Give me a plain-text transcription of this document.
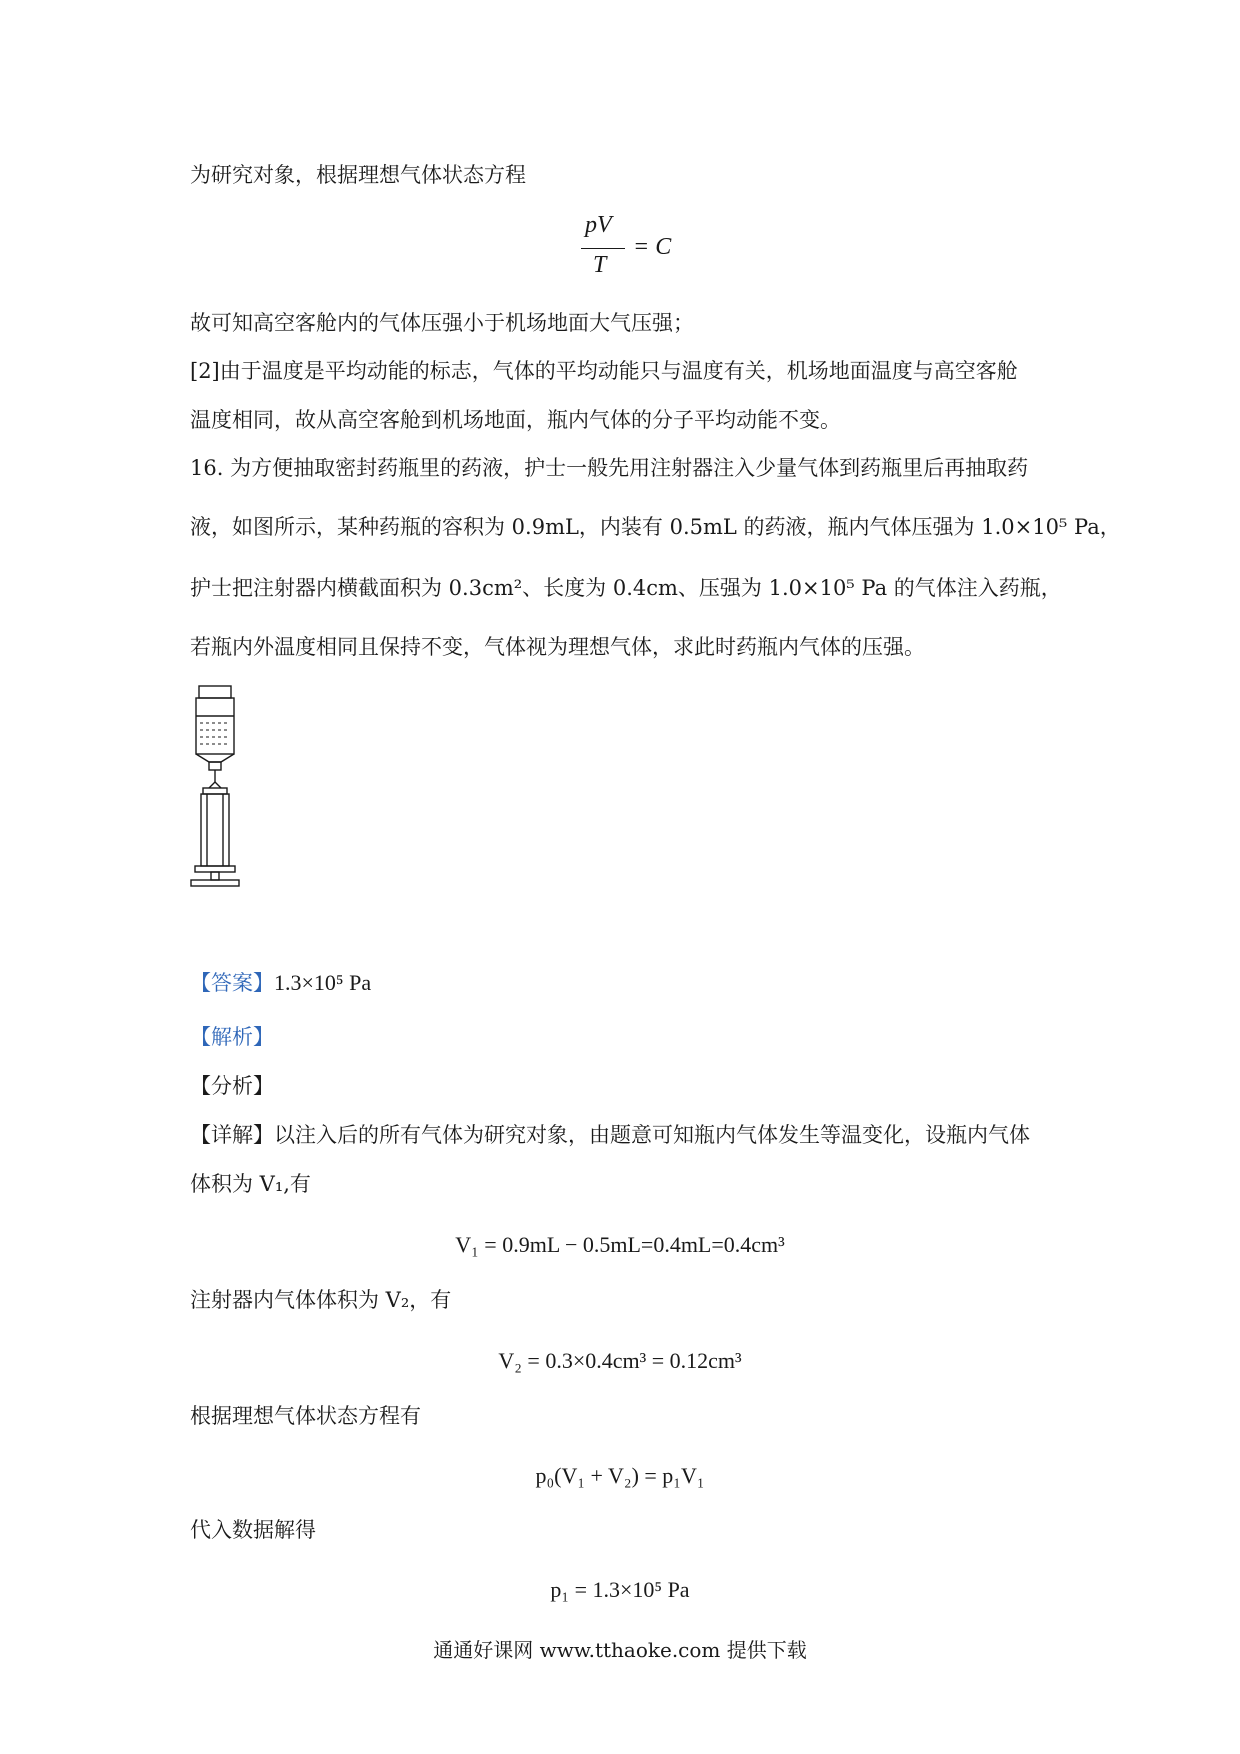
为研究对象，根据理想气体状态方程
pV
T
= C
故可知高空客舱内的气体压强小于机场地面大气压强；
[2]由于温度是平均动能的标志，气体的平均动能只与温度有关，机场地面温度与高空客舱
温度相同，故从高空客舱到机场地面，瓶内气体的分子平均动能不变。
16. 为方便抽取密封药瓶里的药液，护士一般先用注射器注入少量气体到药瓶里后再抽取药
液，如图所示，某种药瓶的容积为 0.9mL，内装有 0.5mL 的药液，瓶内气体压强为 1.0×10⁵ Pa，
护士把注射器内横截面积为 0.3cm²、长度为 0.4cm、压强为 1.0×10⁵ Pa 的气体注入药瓶，
若瓶内外温度相同且保持不变，气体视为理想气体，求此时药瓶内气体的压强。
【答案】1.3×10⁵ Pa
【解析】
【分析】
【详解】以注入后的所有气体为研究对象，由题意可知瓶内气体发生等温变化，设瓶内气体
体积为 V₁,有
V₁ = 0.9mL − 0.5mL=0.4mL=0.4cm³
注射器内气体体积为 V₂，有
V₂ = 0.3×0.4cm³ = 0.12cm³
根据理想气体状态方程有
p₀(V₁ + V₂) = p₁V₁
代入数据解得
p₁ = 1.3×10⁵ Pa
通通好课网 www.tthaoke.com 提供下载
